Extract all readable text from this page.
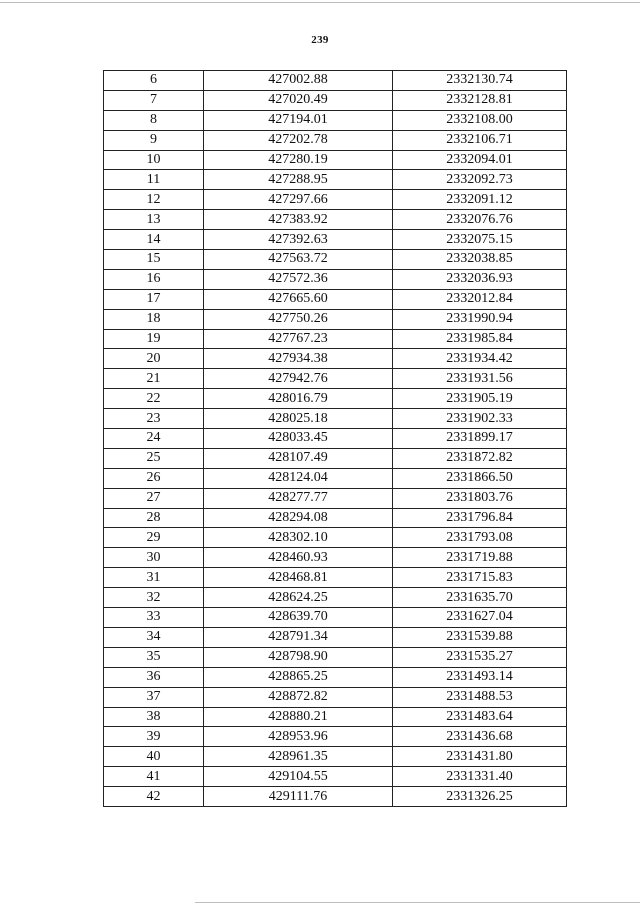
239
6	427002.88	2332130.74
7	427020.49	2332128.81
8	427194.01	2332108.00
9	427202.78	2332106.71
10	427280.19	2332094.01
11	427288.95	2332092.73
12	427297.66	2332091.12
13	427383.92	2332076.76
14	427392.63	2332075.15
15	427563.72	2332038.85
16	427572.36	2332036.93
17	427665.60	2332012.84
18	427750.26	2331990.94
19	427767.23	2331985.84
20	427934.38	2331934.42
21	427942.76	2331931.56
22	428016.79	2331905.19
23	428025.18	2331902.33
24	428033.45	2331899.17
25	428107.49	2331872.82
26	428124.04	2331866.50
27	428277.77	2331803.76
28	428294.08	2331796.84
29	428302.10	2331793.08
30	428460.93	2331719.88
31	428468.81	2331715.83
32	428624.25	2331635.70
33	428639.70	2331627.04
34	428791.34	2331539.88
35	428798.90	2331535.27
36	428865.25	2331493.14
37	428872.82	2331488.53
38	428880.21	2331483.64
39	428953.96	2331436.68
40	428961.35	2331431.80
41	429104.55	2331331.40
42	429111.76	2331326.25
